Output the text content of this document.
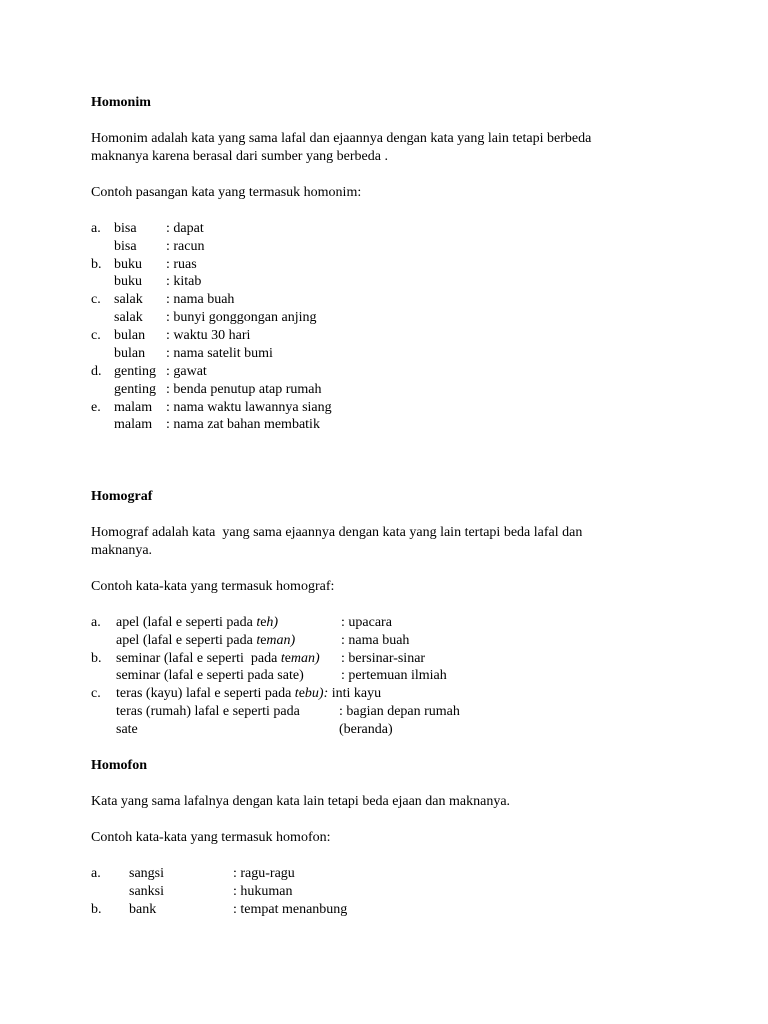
Homonim
Homonim adalah kata yang sama lafal dan ejaannya dengan kata yang lain tetapi berbeda
maknanya karena berasal dari sumber yang berbeda .
Contoh pasangan kata yang termasuk homonim:
a. bisa : dapat
bisa : racun
b. buku : ruas
buku : kitab
c. salak : nama buah
salak : bunyi gonggongan anjing
c. bulan : waktu 30 hari
bulan : nama satelit bumi
d. genting : gawat
genting : benda penutup atap rumah
e. malam : nama waktu lawannya siang
malam : nama zat bahan membatik
Homograf
Homograf adalah kata  yang sama ejaannya dengan kata yang lain tertapi beda lafal dan
maknanya.
Contoh kata-kata yang termasuk homograf:
a. apel (lafal e seperti pada teh)	: upacara
apel (lafal e seperti pada teman)	: nama buah
b. seminar (lafal e seperti  pada teman) : bersinar-sinar
seminar (lafal e seperti pada sate)	: pertemuan ilmiah
c. teras (kayu) lafal e seperti pada tebu): inti kayu
teras (rumah) lafal e seperti pada	: bagian depan rumah
sate	(beranda)
Homofon
Kata yang sama lafalnya dengan kata lain tetapi beda ejaan dan maknanya.
Contoh kata-kata yang termasuk homofon:
a. sangsi	: ragu-ragu
sanksi	: hukuman
b. bank	: tempat menanbung
